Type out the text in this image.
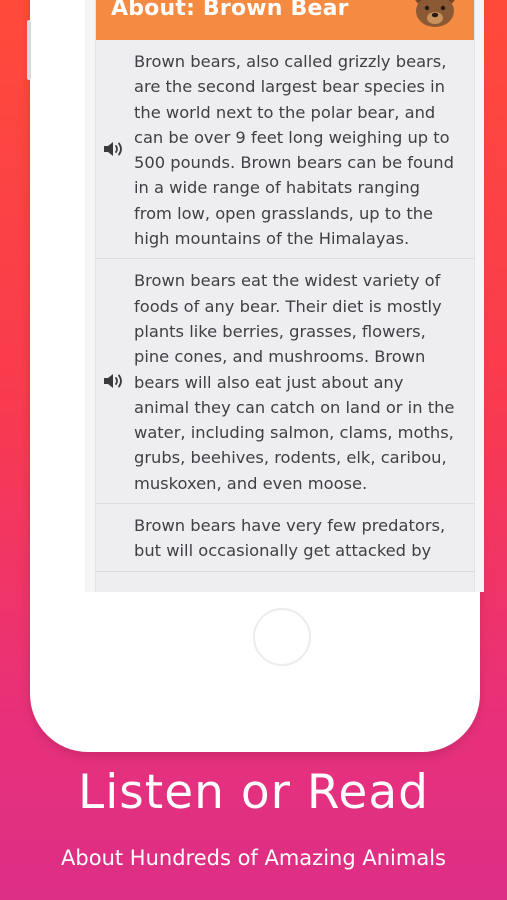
About: Brown Bear

Brown bears, also called grizzly bears, are the second largest bear species in the world next to the polar bear, and can be over 9 feet long weighing up to 500 pounds. Brown bears can be found in a wide range of habitats ranging from low, open grasslands, up to the high mountains of the Himalayas.

Brown bears eat the widest variety of foods of any bear. Their diet is mostly plants like berries, grasses, flowers, pine cones, and mushrooms. Brown bears will also eat just about any animal they can catch on land or in the water, including salmon, clams, moths, grubs, beehives, rodents, elk, caribou, muskoxen, and even moose.

Brown bears have very few predators, but will occasionally get attacked by

Listen or Read

About Hundreds of Amazing Animals
